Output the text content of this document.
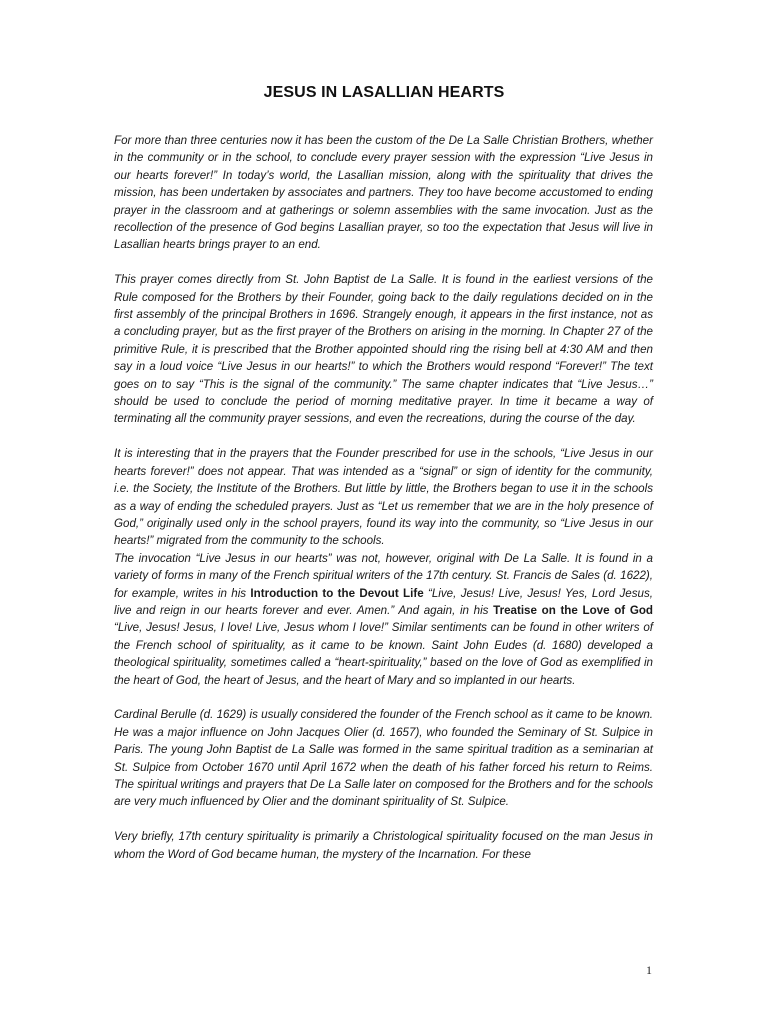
JESUS IN LASALLIAN HEARTS

For more than three centuries now it has been the custom of the De La Salle Christian Brothers, whether in the community or in the school, to conclude every prayer session with the expression “Live Jesus in our hearts forever!” In today’s world, the Lasallian mission, along with the spirituality that drives the mission, has been undertaken by associates and partners. They too have become accustomed to ending prayer in the classroom and at gatherings or solemn assemblies with the same invocation. Just as the recollection of the presence of God begins Lasallian prayer, so too the expectation that Jesus will live in Lasallian hearts brings prayer to an end.

This prayer comes directly from St. John Baptist de La Salle. It is found in the earliest versions of the Rule composed for the Brothers by their Founder, going back to the daily regulations decided on in the first assembly of the principal Brothers in 1696. Strangely enough, it appears in the first instance, not as a concluding prayer, but as the first prayer of the Brothers on arising in the morning. In Chapter 27 of the primitive Rule, it is prescribed that the Brother appointed should ring the rising bell at 4:30 AM and then say in a loud voice “Live Jesus in our hearts!” to which the Brothers would respond “Forever!” The text goes on to say “This is the signal of the community.” The same chapter indicates that “Live Jesus…” should be used to conclude the period of morning meditative prayer. In time it became a way of terminating all the community prayer sessions, and even the recreations, during the course of the day.

It is interesting that in the prayers that the Founder prescribed for use in the schools, “Live Jesus in our hearts forever!” does not appear. That was intended as a “signal” or sign of identity for the community, i.e. the Society, the Institute of the Brothers. But little by little, the Brothers began to use it in the schools as a way of ending the scheduled prayers. Just as “Let us remember that we are in the holy presence of God,” originally used only in the school prayers, found its way into the community, so “Live Jesus in our hearts!” migrated from the community to the schools.

The invocation “Live Jesus in our hearts” was not, however, original with De La Salle. It is found in a variety of forms in many of the French spiritual writers of the 17th century. St. Francis de Sales (d. 1622), for example, writes in his Introduction to the Devout Life “Live, Jesus! Live, Jesus! Yes, Lord Jesus, live and reign in our hearts forever and ever. Amen.” And again, in his Treatise on the Love of God “Live, Jesus! Jesus, I love! Live, Jesus whom I love!” Similar sentiments can be found in other writers of the French school of spirituality, as it came to be known. Saint John Eudes (d. 1680) developed a theological spirituality, sometimes called a “heart-spirituality,” based on the love of God as exemplified in the heart of God, the heart of Jesus, and the heart of Mary and so implanted in our hearts.

Cardinal Berulle (d. 1629) is usually considered the founder of the French school as it came to be known. He was a major influence on John Jacques Olier (d. 1657), who founded the Seminary of St. Sulpice in Paris. The young John Baptist de La Salle was formed in the same spiritual tradition as a seminarian at St. Sulpice from October 1670 until April 1672 when the death of his father forced his return to Reims. The spiritual writings and prayers that De La Salle later on composed for the Brothers and for the schools are very much influenced by Olier and the dominant spirituality of St. Sulpice.

Very briefly, 17th century spirituality is primarily a Christological spirituality focused on the man Jesus in whom the Word of God became human, the mystery of the Incarnation. For these

1
